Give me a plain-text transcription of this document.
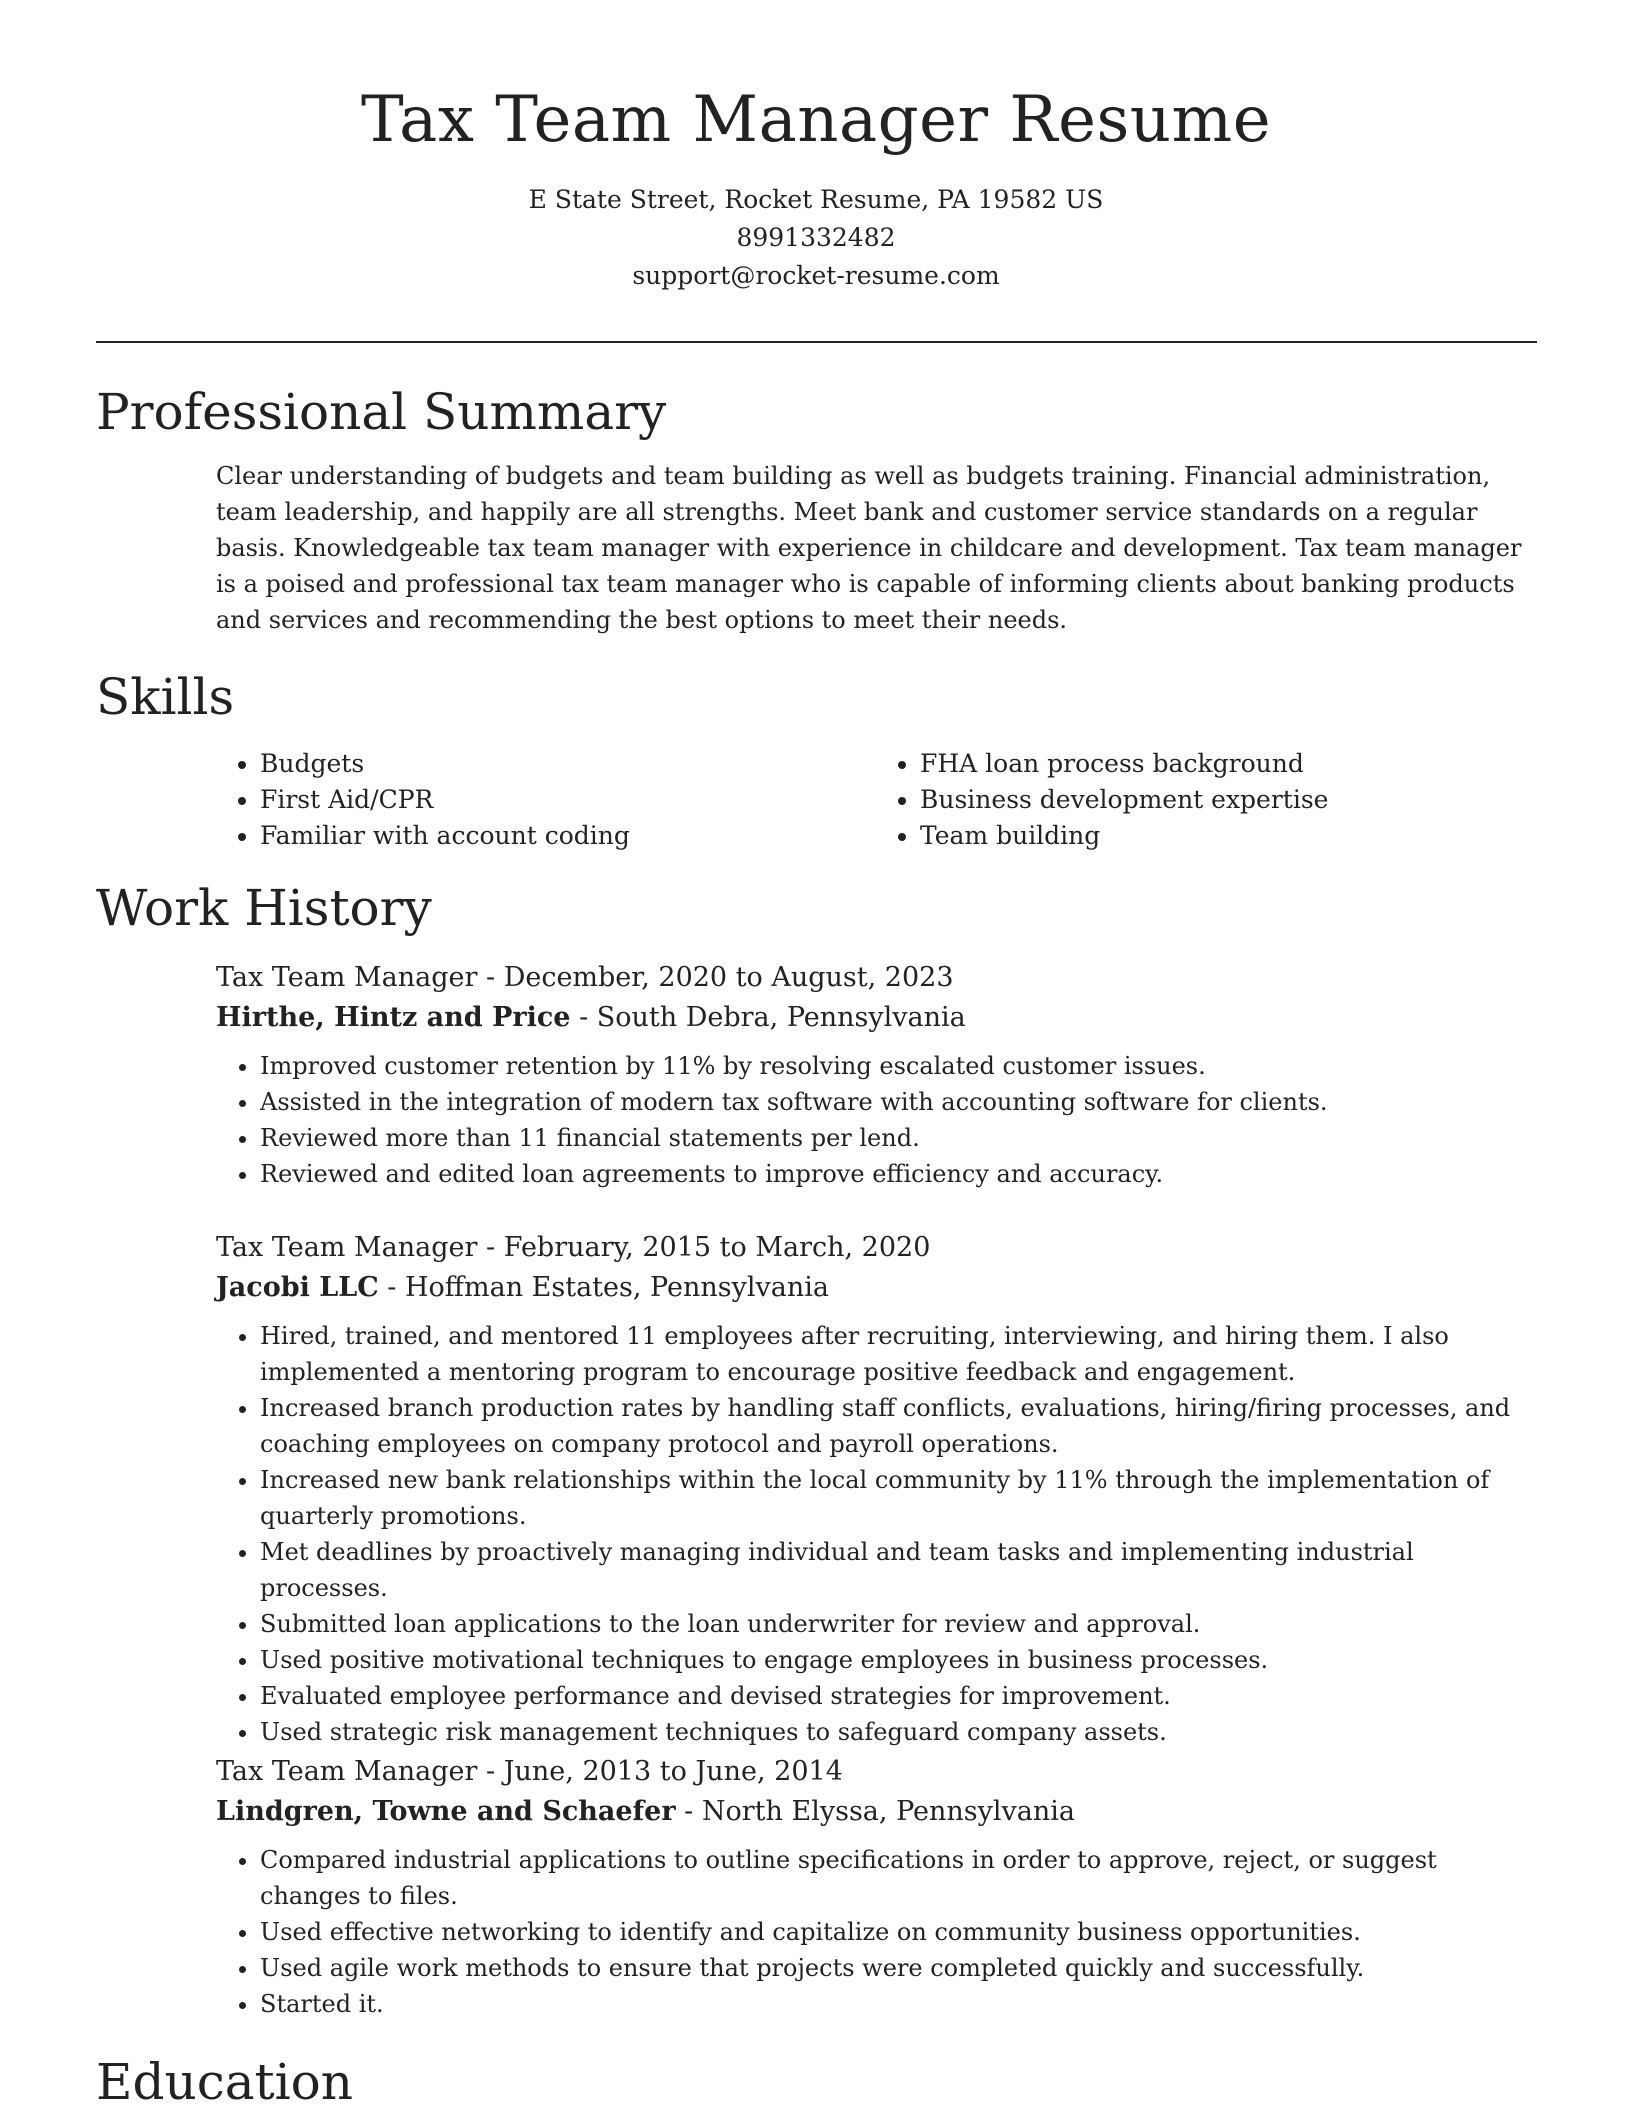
Tax Team Manager Resume
E State Street, Rocket Resume, PA 19582 US
8991332482
support@rocket-resume.com
Professional Summary

Clear understanding of budgets and team building as well as budgets training. Financial administration, team leadership, and happily are all strengths. Meet bank and customer service standards on a regular basis. Knowledgeable tax team manager with experience in childcare and development. Tax team manager is a poised and professional tax team manager who is capable of informing clients about banking products and services and recommending the best options to meet their needs.

Skills
• Budgets
• First Aid/CPR
• Familiar with account coding
• FHA loan process background
• Business development expertise
• Team building
Work History

Tax Team Manager - December, 2020 to August, 2023

Hirthe, Hintz and Price - South Debra, Pennsylvania

• Improved customer retention by 11% by resolving escalated customer issues.
• Assisted in the integration of modern tax software with accounting software for clients.
• Reviewed more than 11 financial statements per lend.
• Reviewed and edited loan agreements to improve efficiency and accuracy.

Tax Team Manager - February, 2015 to March, 2020

Jacobi LLC - Hoffman Estates, Pennsylvania

• Hired, trained, and mentored 11 employees after recruiting, interviewing, and hiring them. I also implemented a mentoring program to encourage positive feedback and engagement.
• Increased branch production rates by handling staff conflicts, evaluations, hiring/firing processes, and coaching employees on company protocol and payroll operations.
• Increased new bank relationships within the local community by 11% through the implementation of quarterly promotions.
• Met deadlines by proactively managing individual and team tasks and implementing industrial processes.
• Submitted loan applications to the loan underwriter for review and approval.
• Used positive motivational techniques to engage employees in business processes.
• Evaluated employee performance and devised strategies for improvement.
• Used strategic risk management techniques to safeguard company assets.

Tax Team Manager - June, 2013 to June, 2014

Lindgren, Towne and Schaefer - North Elyssa, Pennsylvania

• Compared industrial applications to outline specifications in order to approve, reject, or suggest changes to files.
• Used effective networking to identify and capitalize on community business opportunities.
• Used agile work methods to ensure that projects were completed quickly and successfully.
• Started it.
Education
